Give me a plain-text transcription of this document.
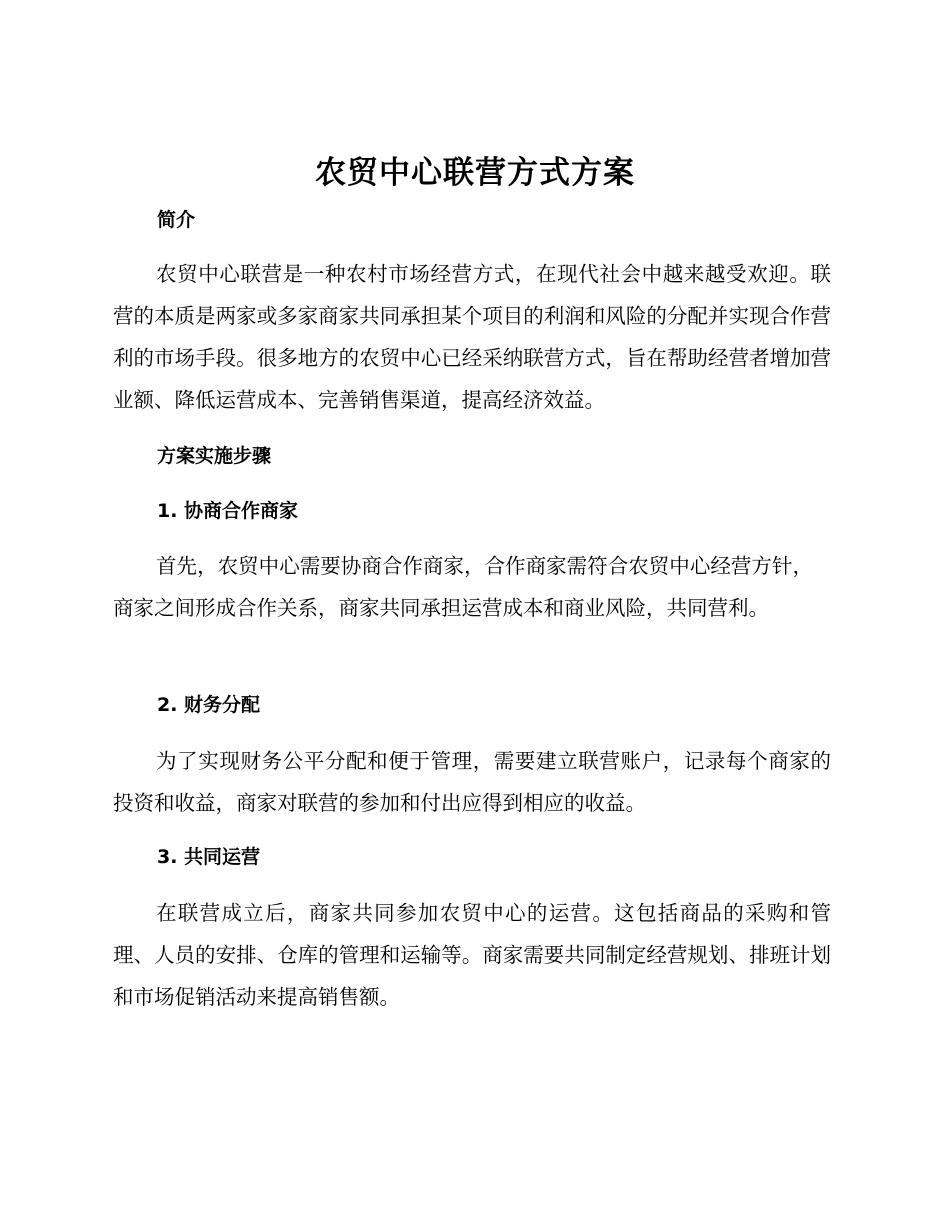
农贸中心联营方式方案
简介

农贸中心联营是一种农村市场经营方式，在现代社会中越来越受欢迎。联营的本质是两家或多家商家共同承担某个项目的利润和风险的分配并实现合作营利的市场手段。很多地方的农贸中心已经采纳联营方式，旨在帮助经营者增加营业额、降低运营成本、完善销售渠道，提高经济效益。

方案实施步骤
1. 协商合作商家

首先，农贸中心需要协商合作商家，合作商家需符合农贸中心经营方针，商家之间形成合作关系，商家共同承担运营成本和商业风险，共同营利。

2. 财务分配

为了实现财务公平分配和便于管理，需要建立联营账户，记录每个商家的投资和收益，商家对联营的参加和付出应得到相应的收益。

3. 共同运营

在联营成立后，商家共同参加农贸中心的运营。这包括商品的采购和管理、人员的安排、仓库的管理和运输等。商家需要共同制定经营规划、排班计划和市场促销活动来提高销售额。
